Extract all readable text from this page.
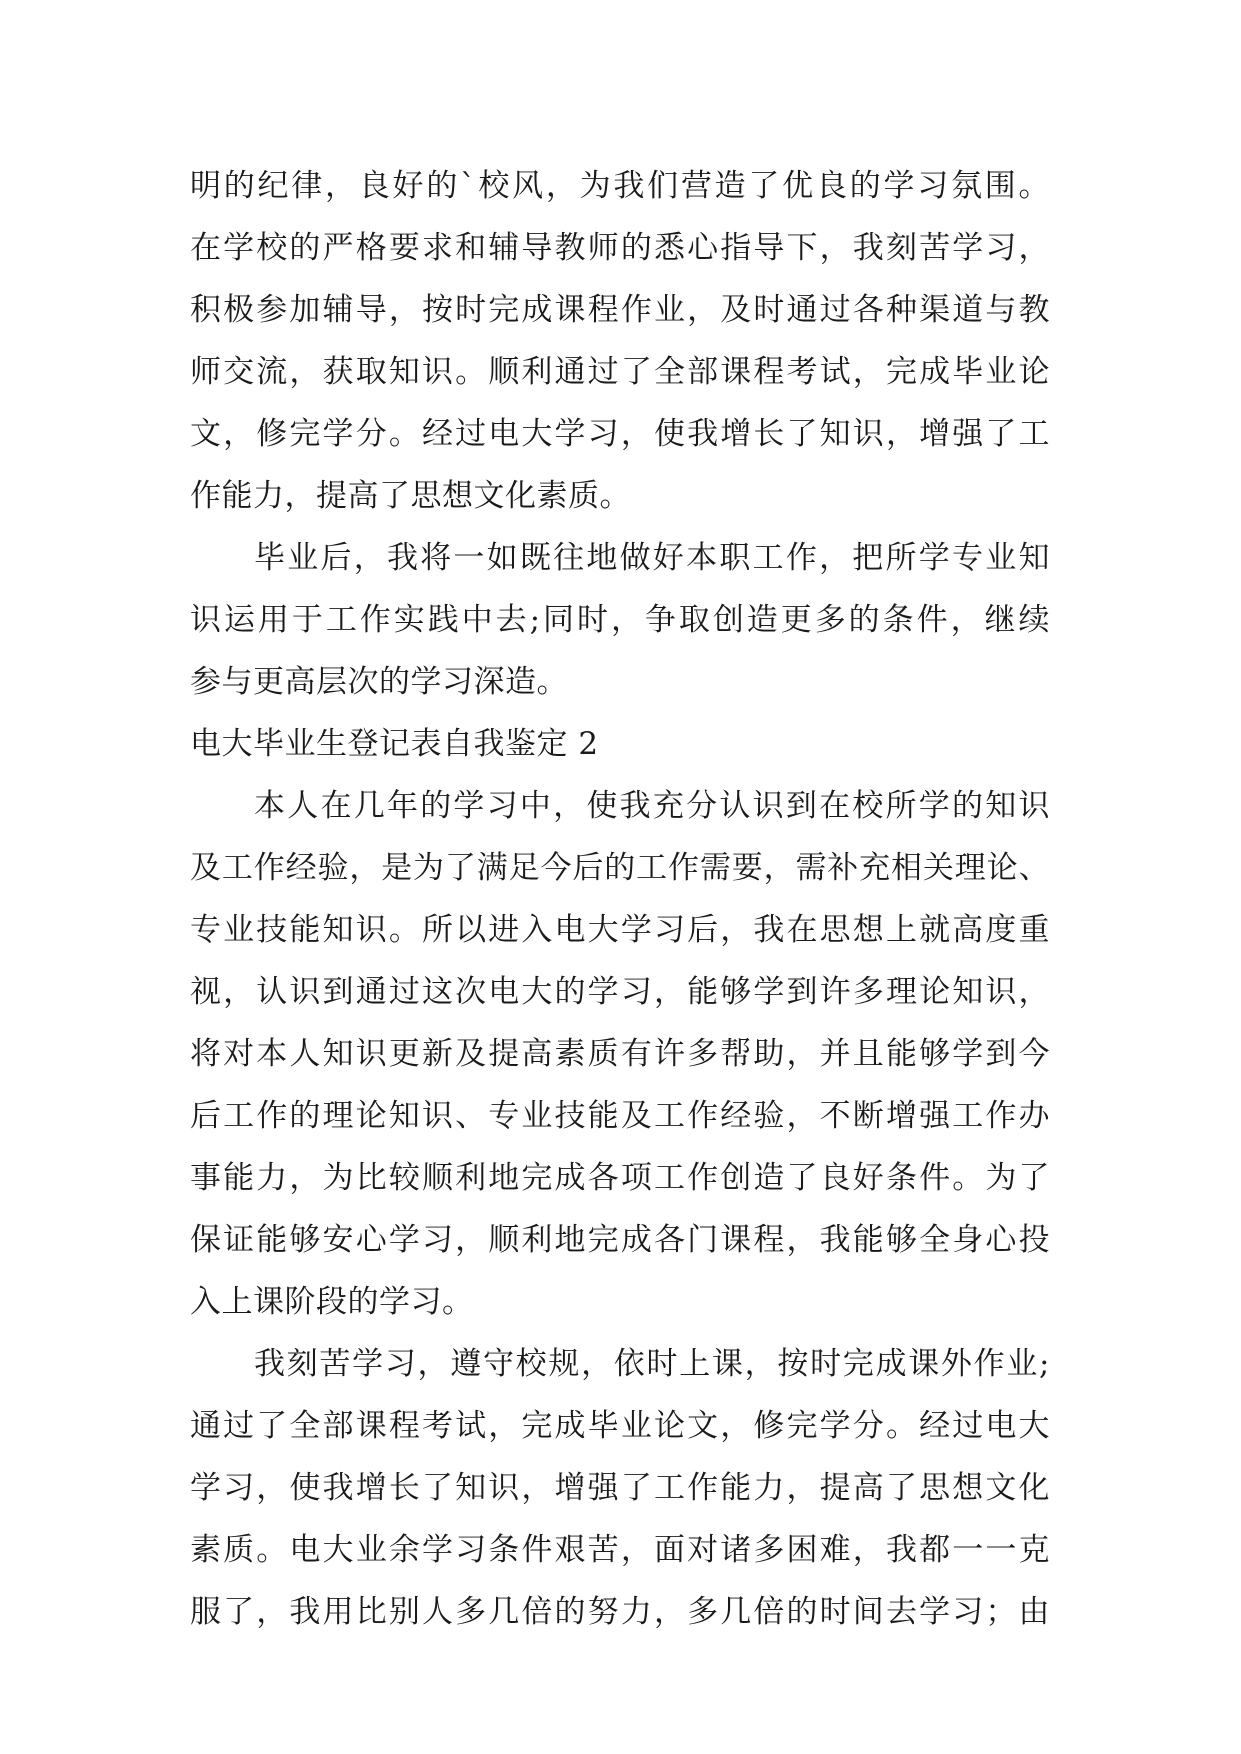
明的纪律，良好的`校风，为我们营造了优良的学习氛围。
在学校的严格要求和辅导教师的悉心指导下，我刻苦学习，
积极参加辅导，按时完成课程作业，及时通过各种渠道与教
师交流，获取知识。顺利通过了全部课程考试，完成毕业论
文，修完学分。经过电大学习，使我增长了知识，增强了工
作能力，提高了思想文化素质。
毕业后，我将一如既往地做好本职工作，把所学专业知
识运用于工作实践中去;同时，争取创造更多的条件，继续
参与更高层次的学习深造。
电大毕业生登记表自我鉴定 2
本人在几年的学习中，使我充分认识到在校所学的知识
及工作经验，是为了满足今后的工作需要，需补充相关理论、
专业技能知识。所以进入电大学习后，我在思想上就高度重
视，认识到通过这次电大的学习，能够学到许多理论知识，
将对本人知识更新及提高素质有许多帮助，并且能够学到今
后工作的理论知识、专业技能及工作经验，不断增强工作办
事能力，为比较顺利地完成各项工作创造了良好条件。为了
保证能够安心学习，顺利地完成各门课程，我能够全身心投
入上课阶段的学习。
我刻苦学习，遵守校规，依时上课，按时完成课外作业;
通过了全部课程考试，完成毕业论文，修完学分。经过电大
学习，使我增长了知识，增强了工作能力，提高了思想文化
素质。电大业余学习条件艰苦，面对诸多困难，我都一一克
服了，我用比别人多几倍的努力，多几倍的时间去学习；由
